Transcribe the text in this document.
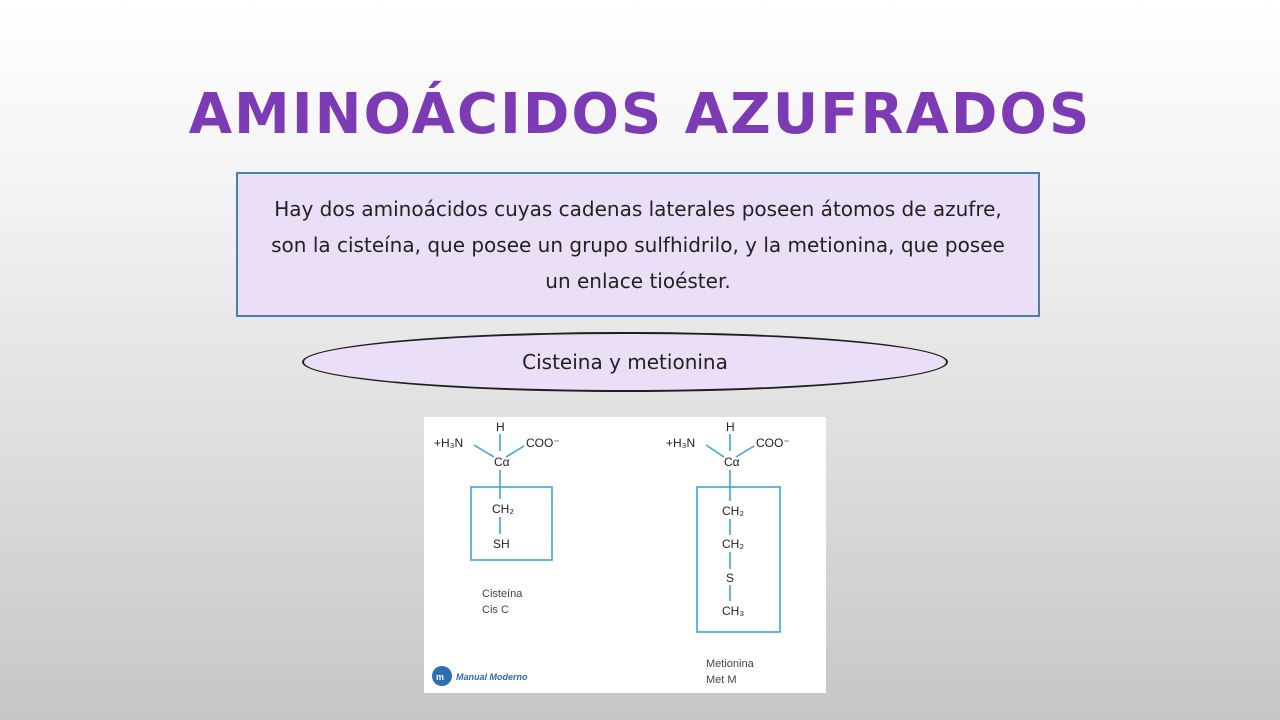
AMINOÁCIDOS AZUFRADOS
Hay dos aminoácidos cuyas cadenas laterales poseen átomos de azufre, son la cisteína, que posee un grupo sulfhidrilo, y la metionina, que posee un enlace tioéster.
Cisteina y metionina
H
+H₃N	COO⁻
Cα
CH₂
SH
Cisteína
Cis C
H
+H₃N	COO⁻
Cα
CH₂
CH₂
S
CH₃
Metionina
Met M
m Manual Moderno
